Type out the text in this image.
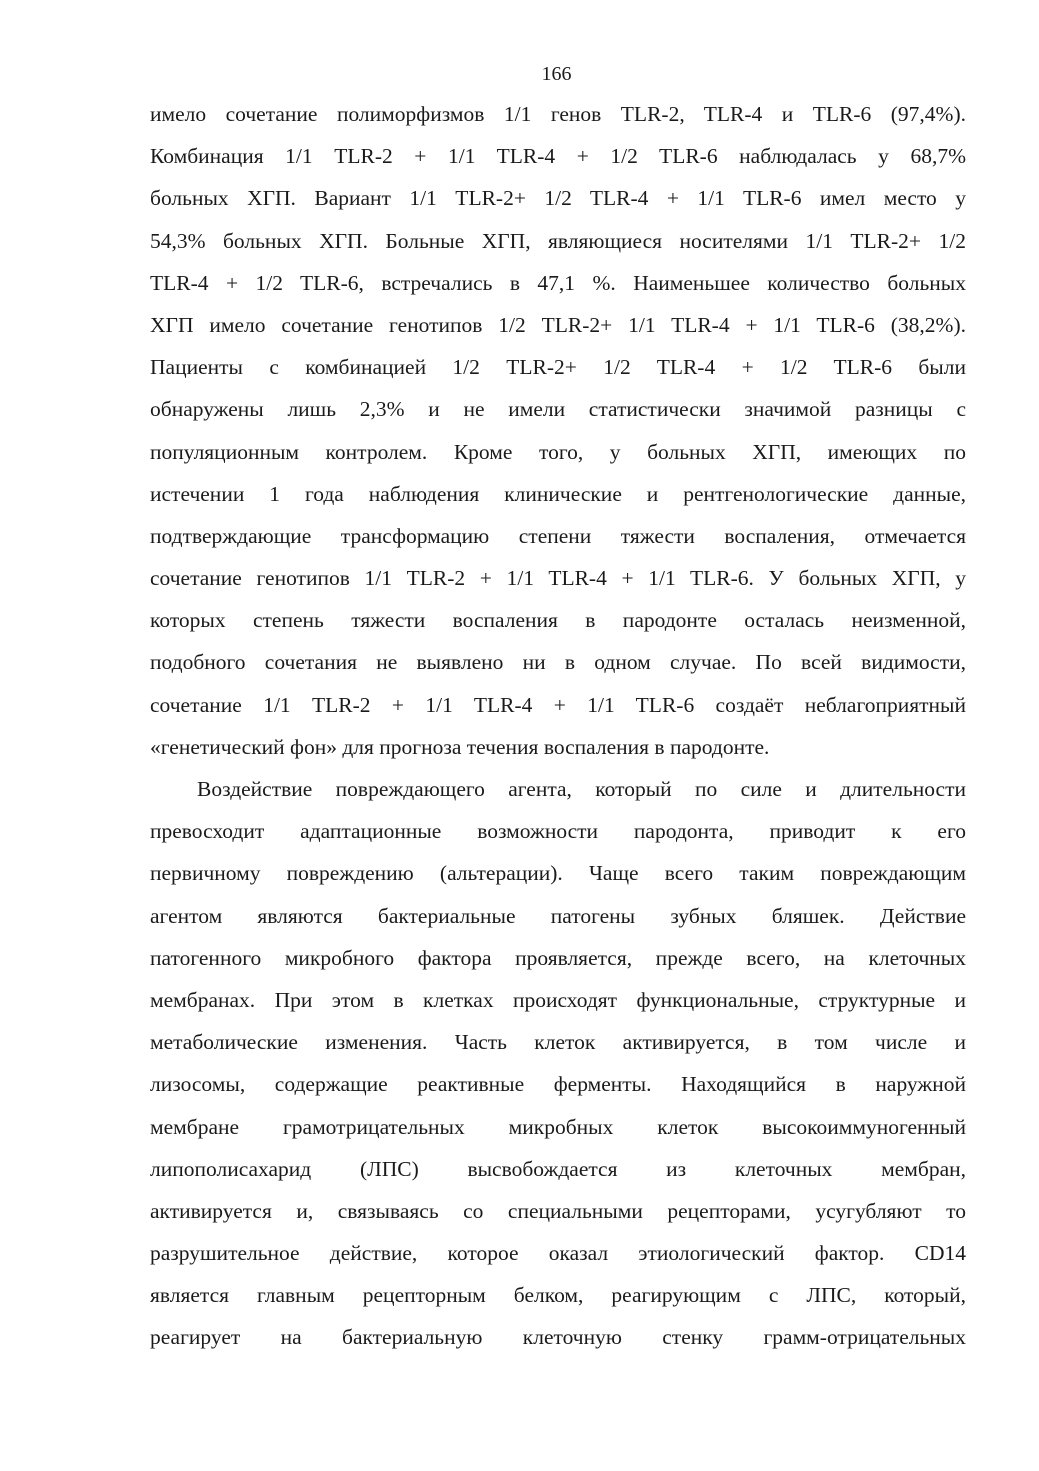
166
имело сочетание полиморфизмов 1/1 генов TLR-2, TLR-4 и TLR-6 (97,4%).
Комбинация 1/1 TLR-2 + 1/1 TLR-4 + 1/2 TLR-6 наблюдалась у 68,7%
больных ХГП. Вариант 1/1 TLR-2+ 1/2 TLR-4 + 1/1 TLR-6 имел место у
54,3% больных ХГП. Больные ХГП, являющиеся носителями 1/1 TLR-2+ 1/2
TLR-4 + 1/2 TLR-6, встречались в 47,1 %. Наименьшее количество больных
ХГП имело сочетание генотипов 1/2 TLR-2+ 1/1 TLR-4 + 1/1 TLR-6 (38,2%).
Пациенты с комбинацией 1/2 TLR-2+ 1/2 TLR-4 + 1/2 TLR-6 были
обнаружены лишь 2,3% и не имели статистически значимой разницы с
популяционным контролем. Кроме того, у больных ХГП, имеющих по
истечении 1 года наблюдения клинические и рентгенологические данные,
подтверждающие трансформацию степени тяжести воспаления, отмечается
сочетание генотипов 1/1 TLR-2 + 1/1 TLR-4 + 1/1 TLR-6. У больных ХГП, у
которых степень тяжести воспаления в пародонте осталась неизменной,
подобного сочетания не выявлено ни в одном случае. По всей видимости,
сочетание 1/1 TLR-2 + 1/1 TLR-4 + 1/1 TLR-6 создаёт неблагоприятный
«генетический фон» для прогноза течения воспаления в пародонте.
Воздействие повреждающего агента, который по силе и длительности
превосходит адаптационные возможности пародонта, приводит к его
первичному повреждению (альтерации). Чаще всего таким повреждающим
агентом являются бактериальные патогены зубных бляшек. Действие
патогенного микробного фактора проявляется, прежде всего, на клеточных
мембранах. При этом в клетках происходят функциональные, структурные и
метаболические изменения. Часть клеток активируется, в том числе и
лизосомы, содержащие реактивные ферменты. Находящийся в наружной
мембране грамотрицательных микробных клеток высокоиммуногенный
липополисахарид (ЛПС) высвобождается из клеточных мембран,
активируется и, связываясь со специальными рецепторами, усугубляют то
разрушительное действие, которое оказал этиологический фактор. CD14
является главным рецепторным белком, реагирующим с ЛПС, который,
реагирует на бактериальную клеточную стенку грамм-отрицательных
